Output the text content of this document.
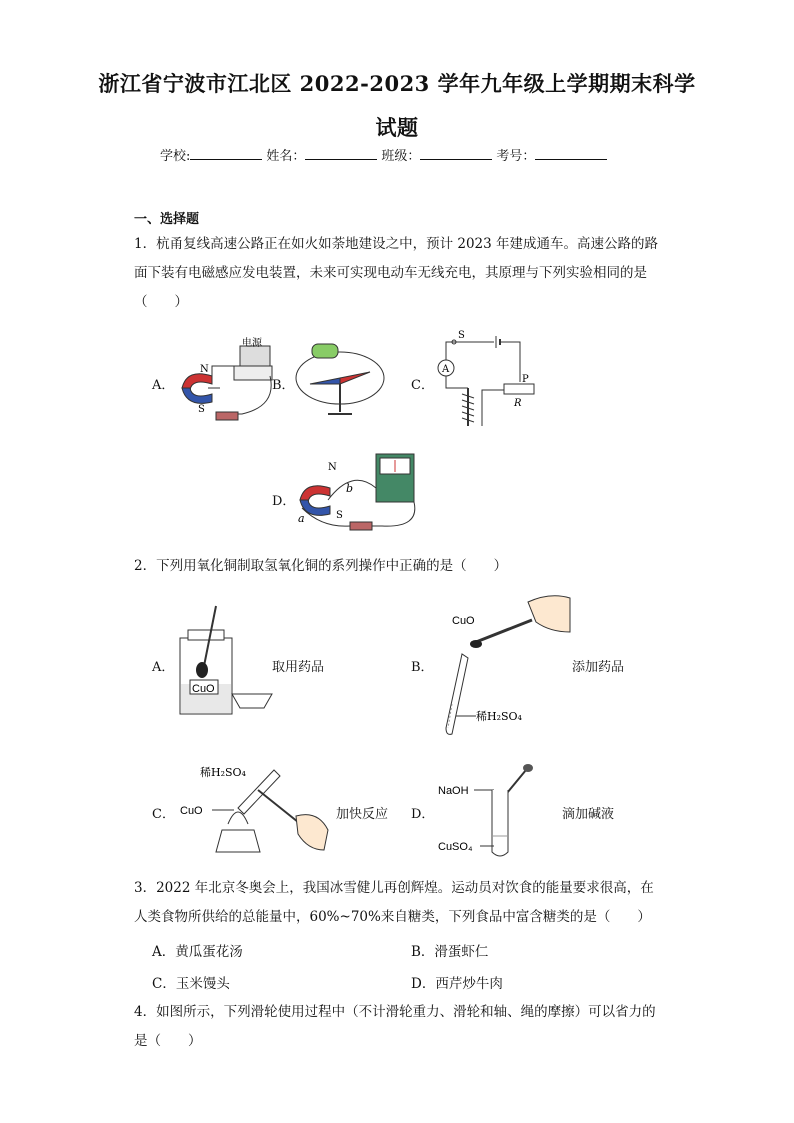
浙江省宁波市江北区 2022-2023 学年九年级上学期期末科学
试题
学校:	姓名：	班级：	考号：
一、选择题
1．杭甬复线高速公路正在如火如荼地建设之中，预计 2023 年建成通车。高速公路的路面下装有电磁感应发电装置，未来可实现电动车无线充电，其原理与下列实验相同的是（　　）
A．
电源
N
S
B．	C．
S
A
P
R
D．
N
S
a
b
2．下列用氧化铜制取氢氧化铜的系列操作中正确的是（　　）
A．
CuO
取用药品	B．
CuO
稀H₂SO₄
添加药品
C．
稀H₂SO₄
CuO	加快反应 D．
NaOH
CuSO₄
滴加碱液
3．2022 年北京冬奥会上，我国冰雪健儿再创辉煌。运动员对饮食的能量要求很高，在人类食物所供给的总能量中，60%~70%来自糖类，下列食品中富含糖类的是（　　）
A．黄瓜蛋花汤	B．滑蛋虾仁
C．玉米馒头	D．西芹炒牛肉
4．如图所示，下列滑轮使用过程中（不计滑轮重力、滑轮和轴、绳的摩擦）可以省力的是（　　）
